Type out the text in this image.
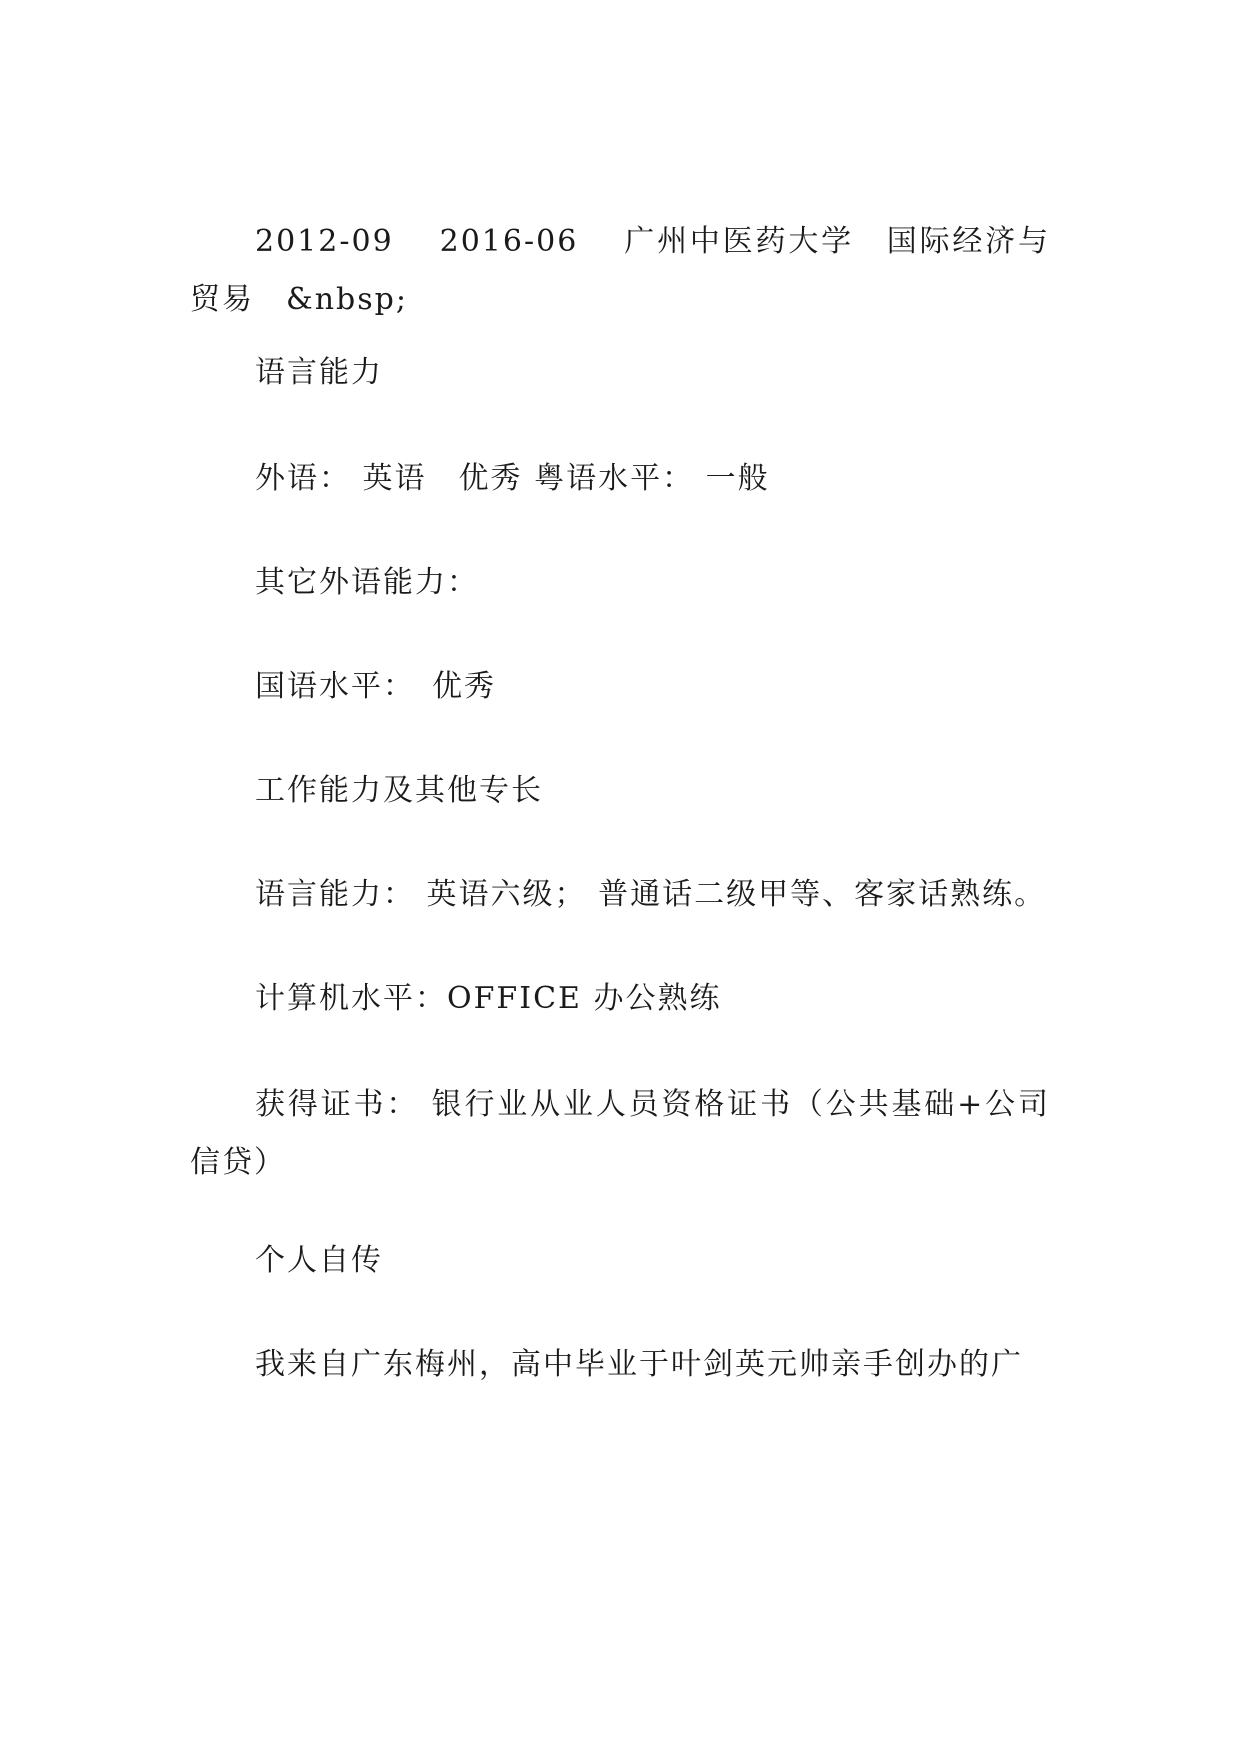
2012-09　 2016-06　 广州中医药大学　国际经济与贸易　&nbsp;

语言能力

外语： 英语　优秀 粤语水平： 一般

其它外语能力：

国语水平：　优秀

工作能力及其他专长

语言能力： 英语六级； 普通话二级甲等、客家话熟练。

计算机水平：OFFICE 办公熟练

获得证书： 银行业从业人员资格证书（公共基础+公司信贷）

个人自传

我来自广东梅州，高中毕业于叶剑英元帅亲手创办的广
